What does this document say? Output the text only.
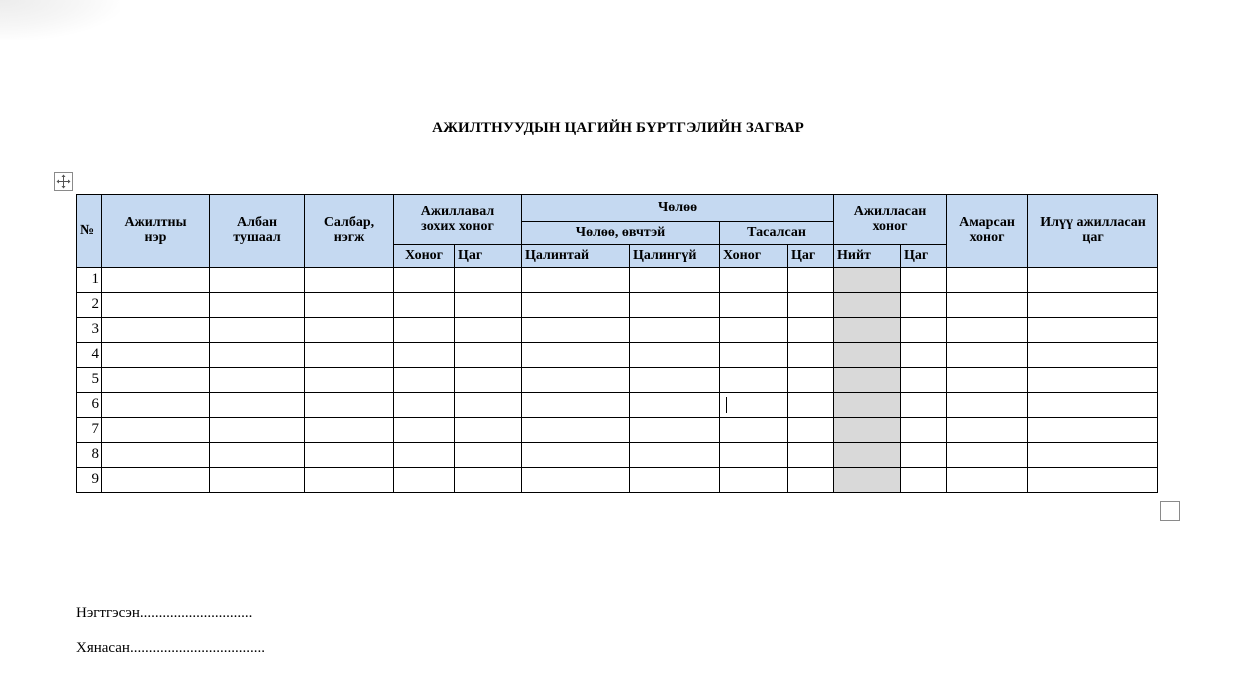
АЖИЛТНУУДЫН ЦАГИЙН БҮРТГЭЛИЙН ЗАГВАР
№	Ажилтны нэр	Албан тушаал	Салбар, нэгж	Ажиллавал зохих хоног		Чөлөө				Ажилласан хоног		Амарсан хоног	Илүү ажилласан цаг

						Чөлөө, өвчтэй		Тасалсан					
				Хоног	Цаг	Цалинтай	Цалингүй	Хоног	Цаг	Нийт	Цаг		
1													
2													
3													
4													
5													
6													
7													
8													
9													
Нэгтгэсэн..............................
Хянасан....................................
